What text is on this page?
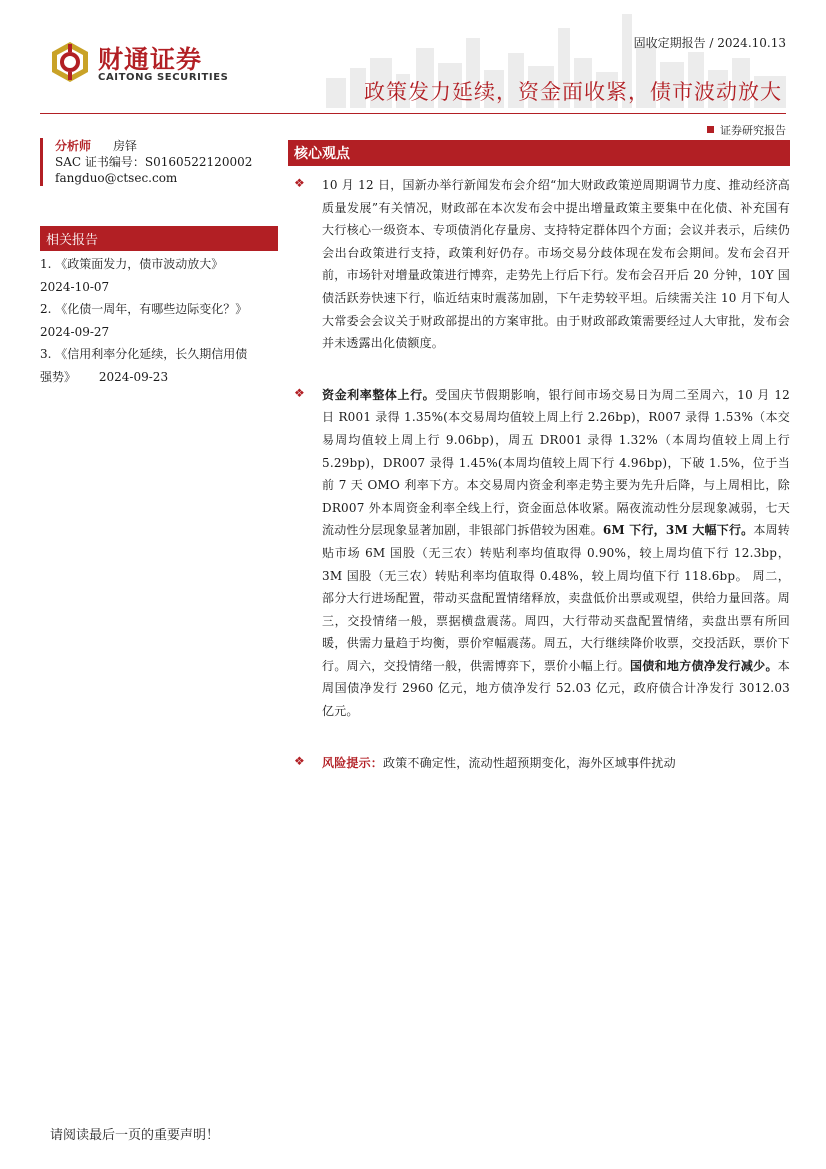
财通证券
CAITONG SECURITIES
固收定期报告 / 2024.10.13
政策发力延续，资金面收紧，债市波动放大
证券研究报告
分析师 房铎
SAC 证书编号：S0160522120002
fangduo@ctsec.com
相关报告
1. 《政策面发力，债市波动放大》
2024-10-07
2. 《化债一周年，有哪些边际变化？》
2024-09-27
3. 《信用利率分化延续，长久期信用债
强势》      2024-09-23
核心观点
❖ 10 月 12 日，国新办举行新闻发布会介绍“加大财政政策逆周期调节力度、推动经济高质量发展”有关情况，财政部在本次发布会中提出增量政策主要集中在化债、补充国有大行核心一级资本、专项债消化存量房、支持特定群体四个方面；会议并表示，后续仍会出台政策进行支持，政策利好仍存。市场交易分歧体现在发布会期间。发布会召开前，市场针对增量政策进行博弈，走势先上行后下行。发布会召开后 20 分钟，10Y 国债活跃券快速下行，临近结束时震荡加剧，下午走势较平坦。后续需关注 10 月下旬人大常委会会议关于财政部提出的方案审批。由于财政部政策需要经过人大审批，发布会并未透露出化债额度。
❖ 资金利率整体上行。受国庆节假期影响，银行间市场交易日为周二至周六，10 月 12 日 R001 录得 1.35%(本交易周均值较上周上行 2.26bp)，R007 录得 1.53%（本交易周均值较上周上行 9.06bp)，周五 DR001 录得 1.32%（本周均值较上周上行 5.29bp)，DR007 录得 1.45%(本周均值较上周下行 4.96bp)，下破 1.5%，位于当前 7 天 OMO 利率下方。本交易周内资金利率走势主要为先升后降，与上周相比，除 DR007 外本周资金利率全线上行，资金面总体收紧。隔夜流动性分层现象减弱，七天流动性分层现象显著加剧，非银部门拆借较为困难。6M 下行，3M 大幅下行。本周转贴市场 6M 国股（无三农）转贴利率均值取得 0.90%，较上周均值下行 12.3bp，3M 国股（无三农）转贴利率均值取得 0.48%，较上周均值下行 118.6bp。 周二，部分大行进场配置，带动买盘配置情绪释放，卖盘低价出票或观望，供给力量回落。周三，交投情绪一般，票据横盘震荡。周四，大行带动买盘配置情绪，卖盘出票有所回暖，供需力量趋于均衡，票价窄幅震荡。周五，大行继续降价收票，交投活跃，票价下行。周六，交投情绪一般，供需博弈下，票价小幅上行。国债和地方债净发行减少。本周国债净发行 2960 亿元，地方债净发行 52.03 亿元，政府债合计净发行 3012.03 亿元。
❖ 风险提示：政策不确定性，流动性超预期变化，海外区域事件扰动
请阅读最后一页的重要声明！
